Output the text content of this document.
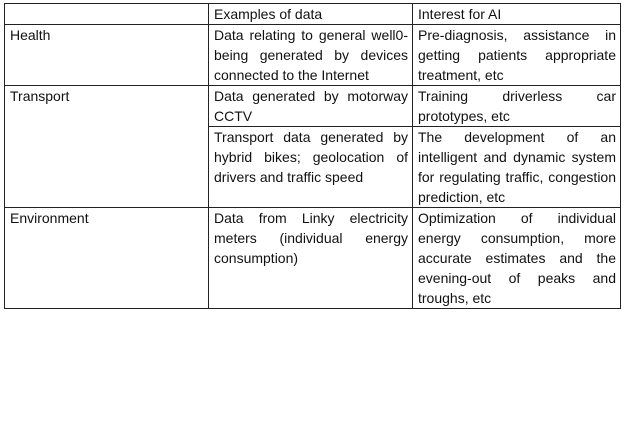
	Examples of data	Interest for AI
Health	Data relating to general well0-being generated by devices connected to the Internet	Pre-diagnosis, assistance in getting patients appropriate treatment, etc
Transport	Data generated by motorway CCTV	Training driverless car prototypes, etc
	Transport data generated by hybrid bikes; geolocation of drivers and traffic speed	The development of an intelligent and dynamic system for regulating traffic, congestion prediction, etc
Environment	Data from Linky electricity meters (individual energy consumption)	Optimization of individual energy consumption, more accurate estimates and the evening-out of peaks and troughs, etc
